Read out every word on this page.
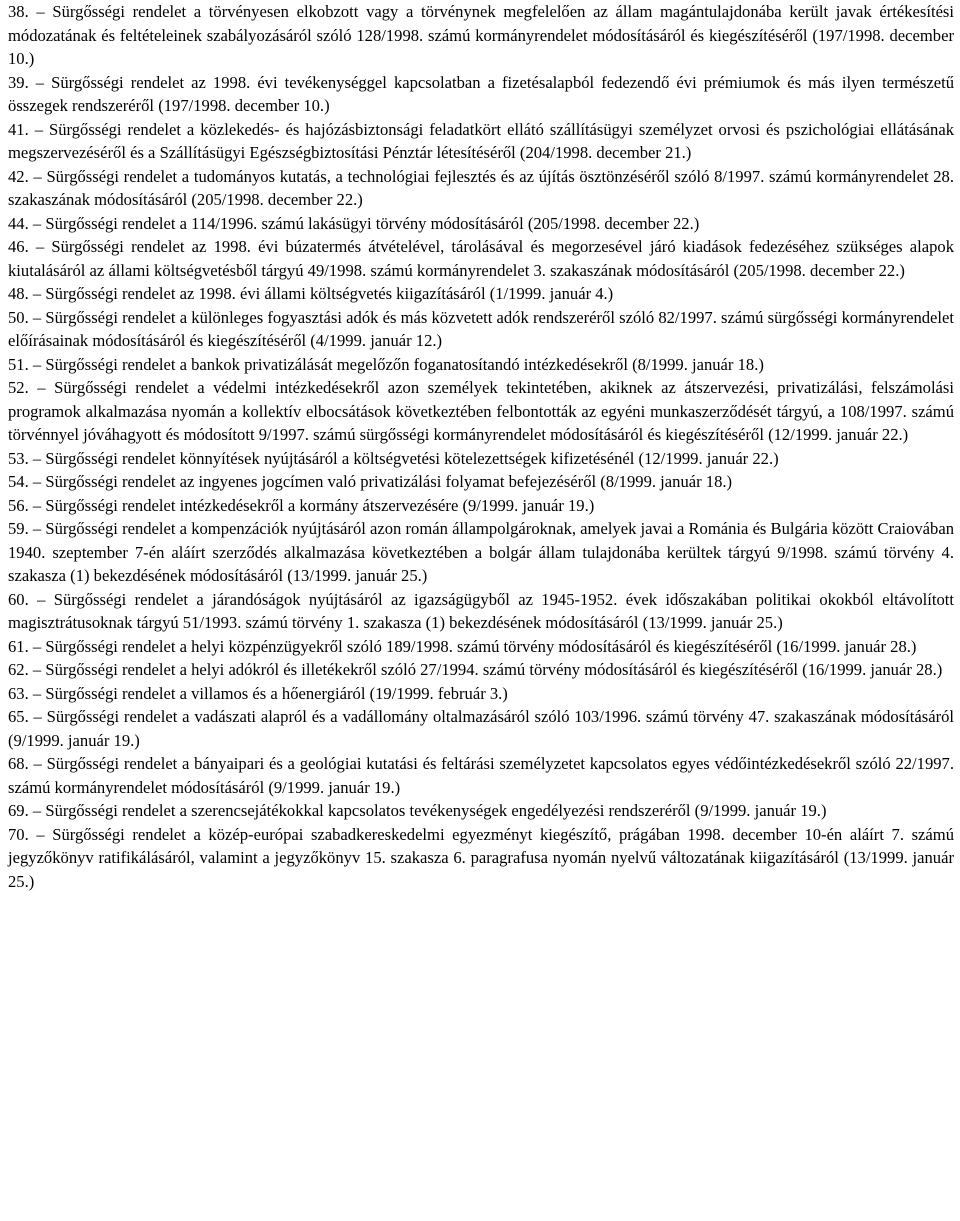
38. – Sürgősségi rendelet a törvényesen elkobzott vagy a törvénynek megfelelően az állam magántulajdonába került javak értékesítési módozatának és feltételeinek szabályozásáról szóló 128/1998. számú kormányrendelet módosításáról és kiegészítéséről (197/1998. december 10.)
39. – Sürgősségi rendelet az 1998. évi tevékenységgel kapcsolatban a fizetésalapból fedezendő évi prémiumok és más ilyen természetű összegek rendszeréről (197/1998. december 10.)
41. – Sürgősségi rendelet a közlekedés- és hajózásbiztonsági feladatkört ellátó szállításügyi személyzet orvosi és pszichológiai ellátásának megszervezéséről és a Szállításügyi Egészségbiztosítási Pénztár létesítéséről (204/1998. december 21.)
42. – Sürgősségi rendelet a tudományos kutatás, a technológiai fejlesztés és az újítás ösztönzéséről szóló 8/1997. számú kormányrendelet 28. szakaszának módosításáról (205/1998. december 22.)
44. – Sürgősségi rendelet a 114/1996. számú lakásügyi törvény módosításáról (205/1998. december 22.)
46. – Sürgősségi rendelet az 1998. évi búzatermés átvételével, tárolásával és megorzesével járó kiadások fedezéséhez szükséges alapok kiutalásáról az állami költségvetésből tárgyú 49/1998. számú kormányrendelet 3. szakaszának módosításáról (205/1998. december 22.)
48. – Sürgősségi rendelet az 1998. évi állami költségvetés kiigazításáról (1/1999. január 4.)
50. – Sürgősségi rendelet a különleges fogyasztási adók és más közvetett adók rendszeréről szóló 82/1997. számú sürgősségi kormányrendelet előírásainak módosításáról és kiegészítéséről (4/1999. január 12.)
51. – Sürgősségi rendelet a bankok privatizálását megelőzőn foganatosítandó intézkedésekről (8/1999. január 18.)
52. – Sürgősségi rendelet a védelmi intézkedésekről azon személyek tekintetében, akiknek az átszervezési, privatizálási, felszámolási programok alkalmazása nyomán a kollektív elbocsátások következtében felbontották az egyéni munkaszerződését tárgyú, a 108/1997. számú törvénnyel jóváhagyott és módosított 9/1997. számú sürgősségi kormányrendelet módosításáról és kiegészítéséről (12/1999. január 22.)
53. – Sürgősségi rendelet könnyítések nyújtásáról a költségvetési kötelezettségek kifizetésénél (12/1999. január 22.)
54. – Sürgősségi rendelet az ingyenes jogcímen való privatizálási folyamat befejezéséről (8/1999. január 18.)
56. – Sürgősségi rendelet intézkedésekről a kormány átszervezésére (9/1999. január 19.)
59. – Sürgősségi rendelet a kompenzációk nyújtásáról azon román állampolgároknak, amelyek javai a Románia és Bulgária között Craiovában 1940. szeptember 7-én aláírt szerződés alkalmazása következtében a bolgár állam tulajdonába kerültek tárgyú 9/1998. számú törvény 4. szakasza (1) bekezdésének módosításáról (13/1999. január 25.)
60. – Sürgősségi rendelet a járandóságok nyújtásáról az igazságügyből az 1945-1952. évek időszakában politikai okokból eltávolított magisztrátusoknak tárgyú 51/1993. számú törvény 1. szakasza (1) bekezdésének módosításáról (13/1999. január 25.)
61. – Sürgősségi rendelet a helyi közpénzügyekről szóló 189/1998. számú törvény módosításáról és kiegészítéséről (16/1999. január 28.)
62. – Sürgősségi rendelet a helyi adókról és illetékekről szóló 27/1994. számú törvény módosításáról és kiegészítéséről (16/1999. január 28.)
63. – Sürgősségi rendelet a villamos és a hőenergiáról (19/1999. február 3.)
65. – Sürgősségi rendelet a vadászati alapról és a vadállomány oltalmazásáról szóló 103/1996. számú törvény 47. szakaszának módosításáról (9/1999. január 19.)
68. – Sürgősségi rendelet a bányaipari és a geológiai kutatási és feltárási személyzetet kapcsolatos egyes védőintézkedésekről szóló 22/1997. számú kormányrendelet módosításáról (9/1999. január 19.)
69. – Sürgősségi rendelet a szerencsejátékokkal kapcsolatos tevékenységek engedélyezési rendszeréről (9/1999. január 19.)
70. – Sürgősségi rendelet a közép-európai szabadkereskedelmi egyezményt kiegészítő, prágában 1998. december 10-én aláírt 7. számú jegyzőkönyv ratifikálásáról, valamint a jegyzőkönyv 15. szakasza 6. paragrafusa nyomán nyelvű változatának kiigazításáról (13/1999. január 25.)
